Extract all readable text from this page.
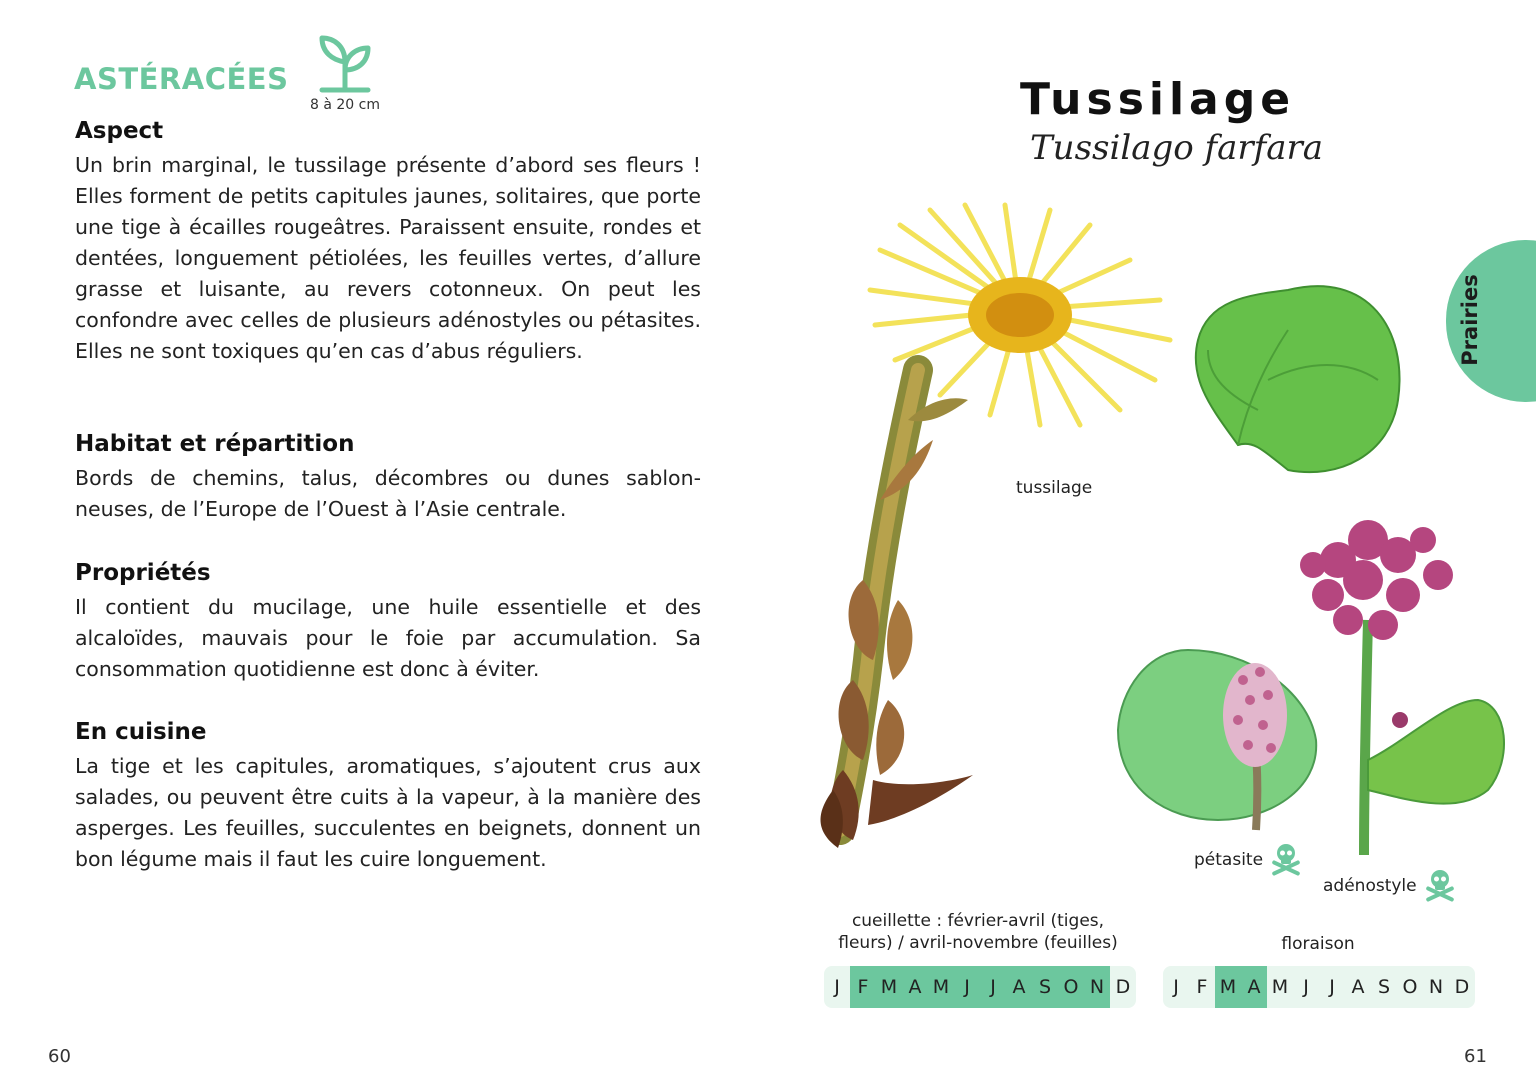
ASTÉRACÉES
8 à 20 cm
Aspect

Un brin marginal, le tussilage présente d’abord ses fleurs ! Elles forment de petits capitules jaunes, solitaires, que porte une tige à écailles rougeâtres. Paraissent ensuite, rondes et dentées, longuement pétiolées, les feuilles vertes, d’allure grasse et luisante, au revers cotonneux. On peut les confondre avec celles de plusieurs adénostyles ou pétasites. Elles ne sont toxiques qu’en cas d’abus réguliers.

Habitat et répartition

Bords de chemins, talus, décombres ou dunes sablon-neuses, de l’Europe de l’Ouest à l’Asie centrale.

Propriétés

Il contient du mucilage, une huile essentielle et des alcaloïdes, mauvais pour le foie par accumulation. Sa consommation quotidienne est donc à éviter.

En cuisine

La tige et les capitules, aromatiques, s’ajoutent crus aux salades, ou peuvent être cuits à la vapeur, à la manière des asperges. Les feuilles, succulentes en beignets, donnent un bon légume mais il faut les cuire longuement.

60
Tussilage
Tussilago farfara
Prairies
tussilage
pétasite
adénostyle
cueillette : février-avril (tiges,
fleurs) / avril-novembre (feuilles)	floraison
J F M A M J	J A S O N D	J F M A M J	J A S O N D
61
